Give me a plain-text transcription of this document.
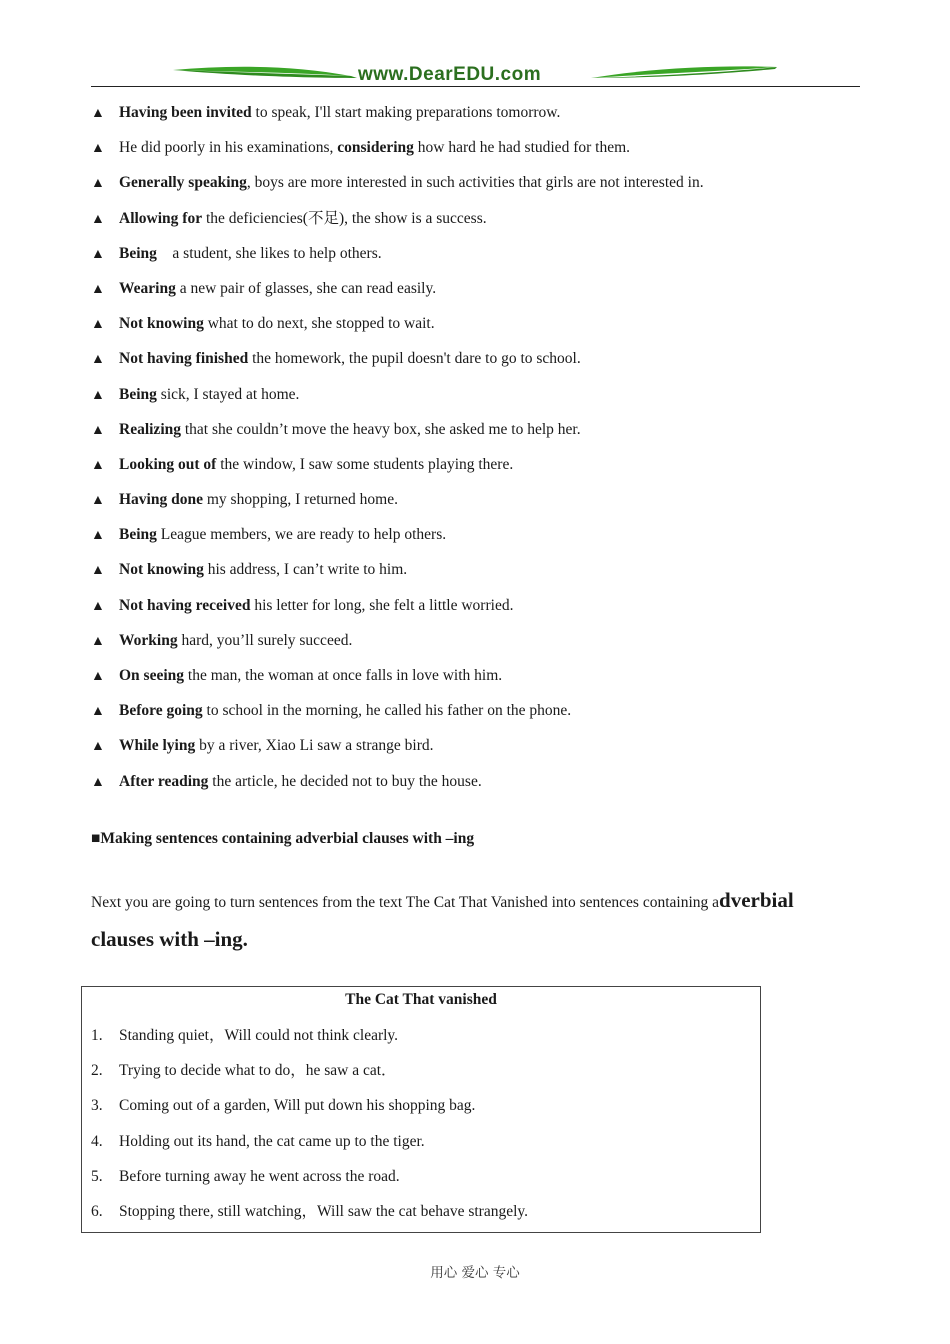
www.DearEDU.com
▲Having been invited to speak, I'll start making preparations tomorrow.
▲He did poorly in his examinations, considering how hard he had studied for them.
▲Generally speaking, boys are more interested in such activities that girls are not interested in.
▲Allowing for the deficiencies(不足), the show is a success.
▲Being    a student, she likes to help others.
▲Wearing a new pair of glasses, she can read easily.
▲Not knowing what to do next, she stopped to wait.
▲Not having finished the homework, the pupil doesn't dare to go to school.
▲Being sick, I stayed at home.
▲Realizing that she couldn’t move the heavy box, she asked me to help her.
▲Looking out of the window, I saw some students playing there.
▲Having done my shopping, I returned home.
▲Being League members, we are ready to help others.
▲Not knowing his address, I can’t write to him.
▲Not having received his letter for long, she felt a little worried.
▲Working hard, you’ll surely succeed.
▲On seeing the man, the woman at once falls in love with him.
▲Before going to school in the morning, he called his father on the phone.
▲While lying by a river, Xiao Li saw a strange bird.
▲After reading the article, he decided not to buy the house.
■Making sentences containing adverbial clauses with –ing
Next you are going to turn sentences from the text The Cat That Vanished into sentences containing adverbial
clauses with –ing.
The Cat That vanished
1. Standing quiet，Will could not think clearly.
2. Trying to decide what to do，he saw a cat．
3. Coming out of a garden, Will put down his shopping bag.
4. Holding out its hand, the cat came up to the tiger.
5. Before turning away he went across the road.
6. Stopping there, still watching，Will saw the cat behave strangely.
用心 爱心 专心
